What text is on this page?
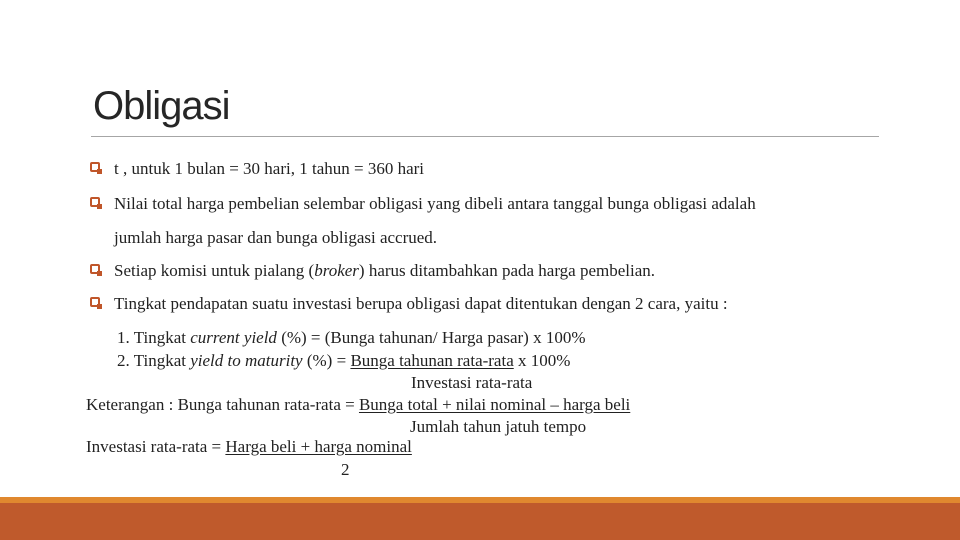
Obligasi
t , untuk 1 bulan = 30 hari, 1 tahun = 360 hari
Nilai total harga pembelian selembar obligasi yang dibeli antara tanggal bunga obligasi adalah
jumlah harga pasar dan bunga obligasi accrued.
Setiap komisi untuk pialang (broker) harus ditambahkan pada harga pembelian.
Tingkat pendapatan suatu investasi berupa obligasi dapat ditentukan dengan 2 cara, yaitu :
1. Tingkat current yield (%) = (Bunga tahunan/ Harga pasar) x 100%
2. Tingkat yield to maturity (%) = Bunga tahunan rata-rata x 100%
Investasi rata-rata
Keterangan : Bunga tahunan rata-rata = Bunga total + nilai nominal – harga beli
Jumlah tahun jatuh tempo
Investasi rata-rata = Harga beli + harga nominal
2
